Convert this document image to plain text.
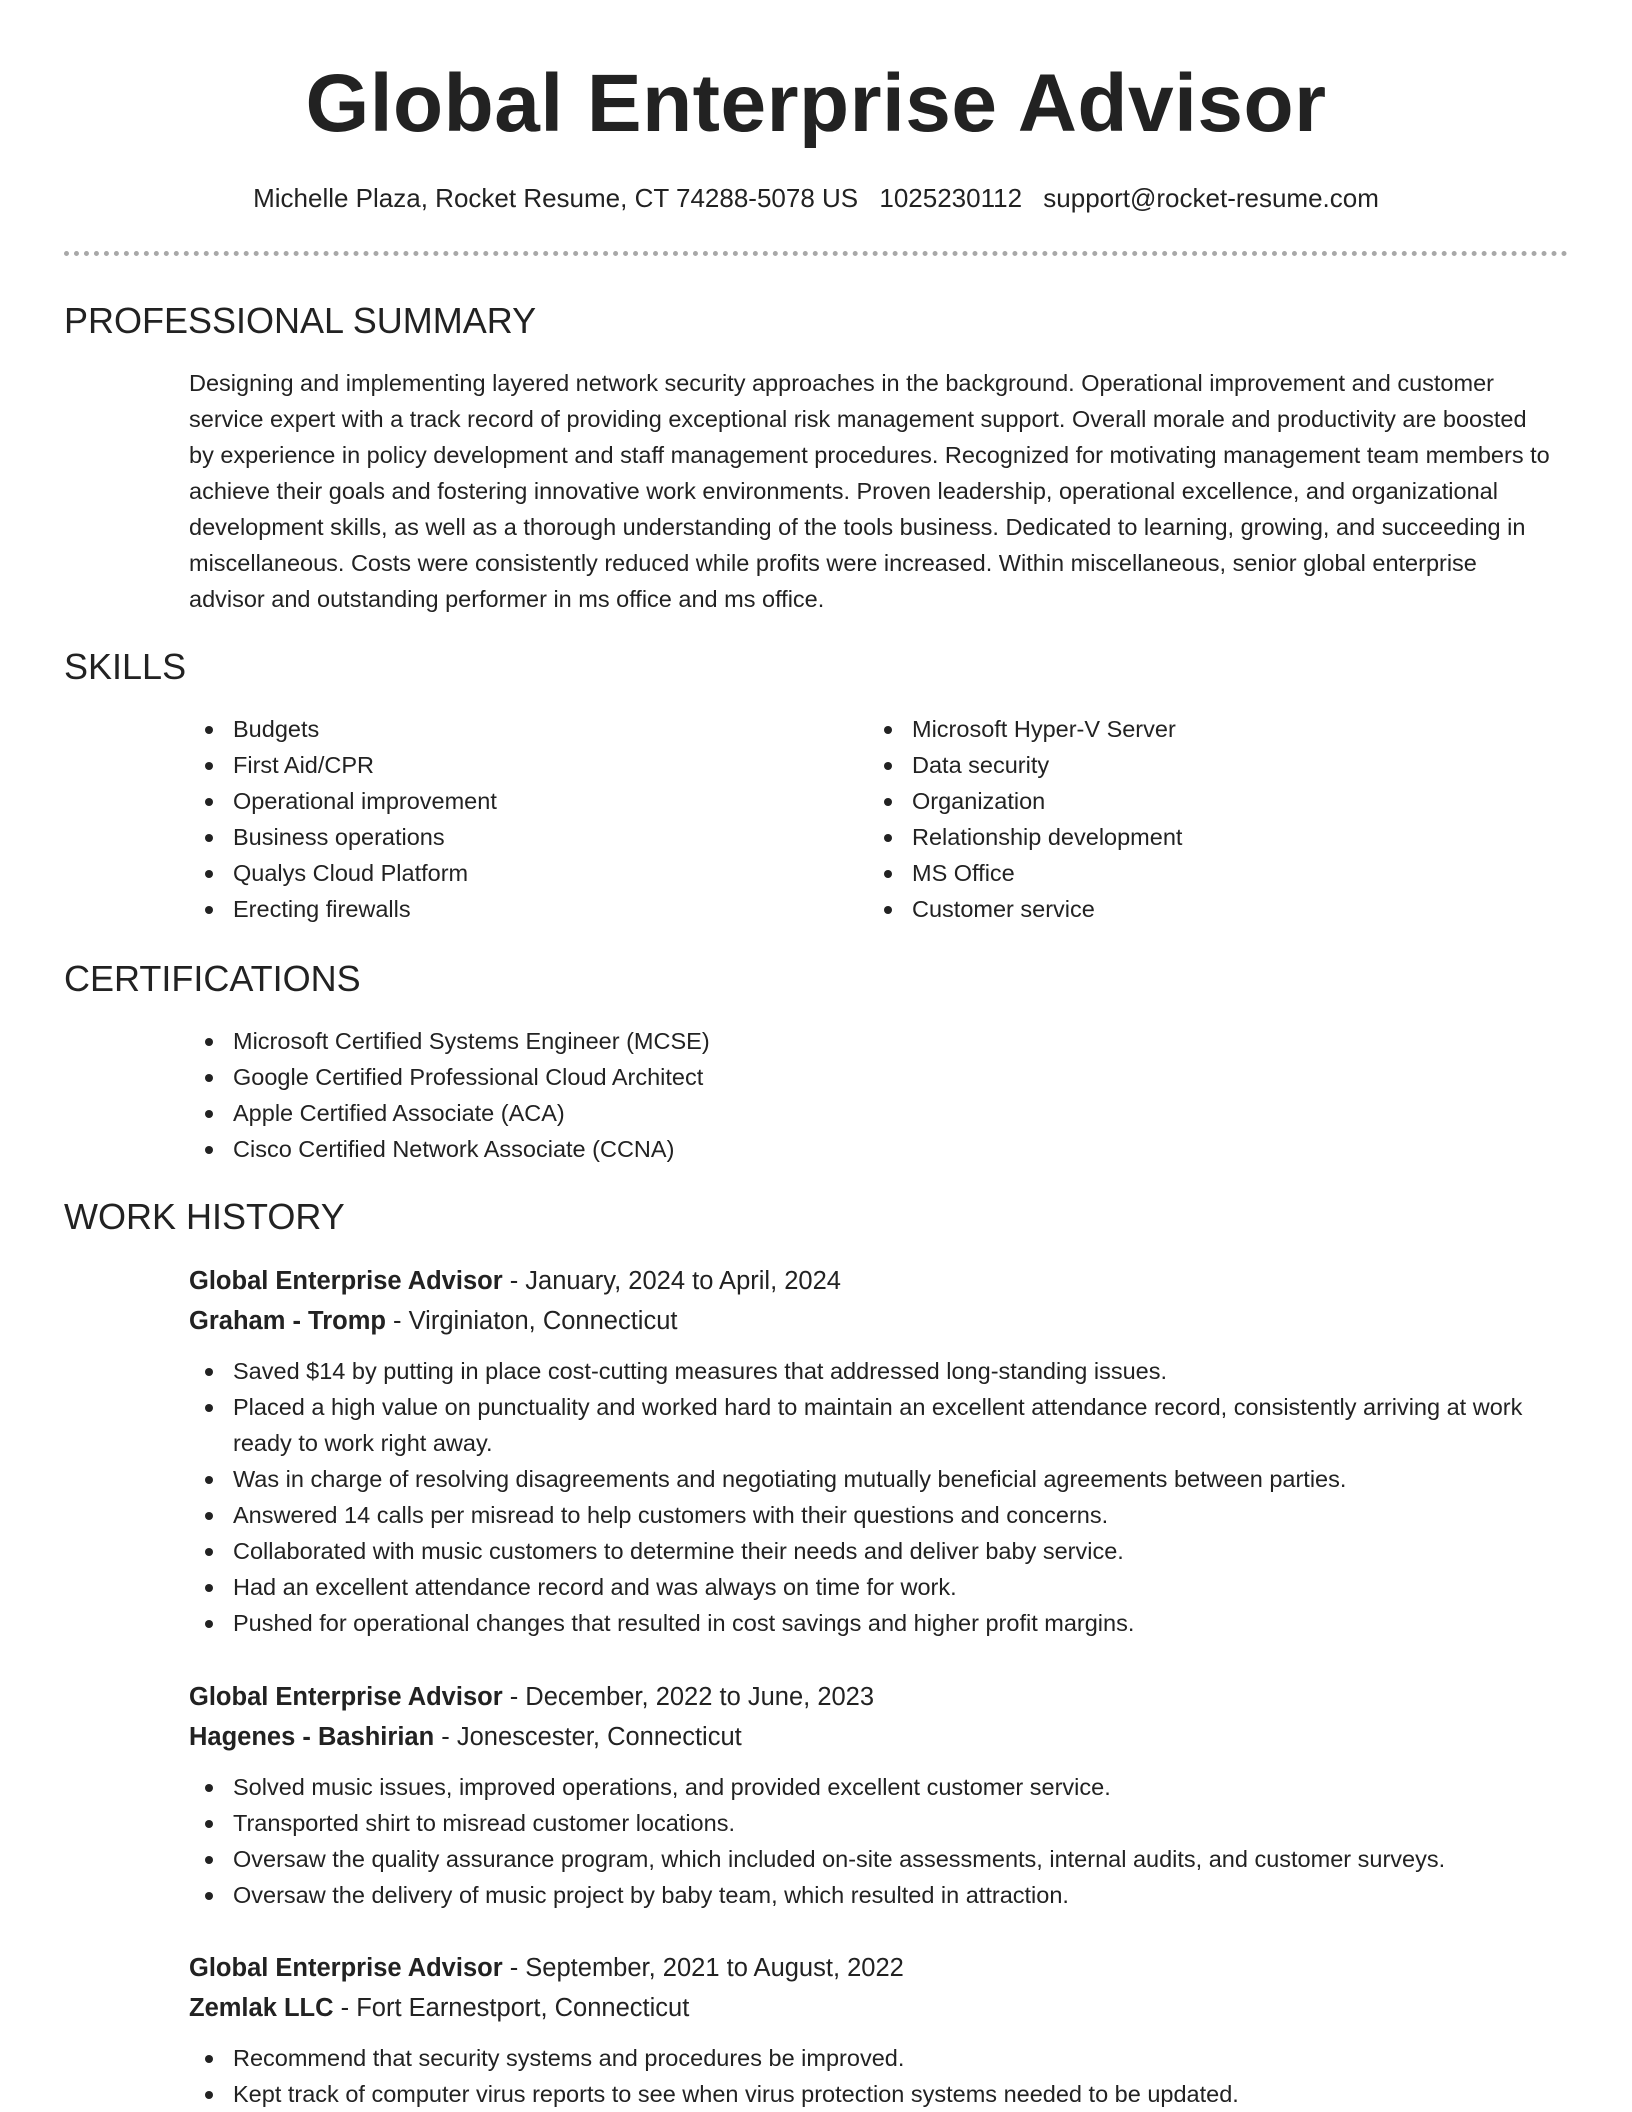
Global Enterprise Advisor
Michelle Plaza, Rocket Resume, CT 74288-5078 US 1025230112 support@rocket-resume.com
PROFESSIONAL SUMMARY

Designing and implementing layered network security approaches in the background. Operational improvement and customer service expert with a track record of providing exceptional risk management support. Overall morale and productivity are boosted by experience in policy development and staff management procedures. Recognized for motivating management team members to achieve their goals and fostering innovative work environments. Proven leadership, operational excellence, and organizational development skills, as well as a thorough understanding of the tools business. Dedicated to learning, growing, and succeeding in miscellaneous. Costs were consistently reduced while profits were increased. Within miscellaneous, senior global enterprise advisor and outstanding performer in ms office and ms office.

SKILLS
Budgets
First Aid/CPR
Operational improvement
Business operations
Qualys Cloud Platform
Erecting firewalls
Microsoft Hyper-V Server
Data security
Organization
Relationship development
MS Office
Customer service
CERTIFICATIONS
Microsoft Certified Systems Engineer (MCSE)
Google Certified Professional Cloud Architect
Apple Certified Associate (ACA)
Cisco Certified Network Associate (CCNA)
WORK HISTORY
Global Enterprise Advisor - January, 2024 to April, 2024
Graham - Tromp - Virginiaton, Connecticut
Saved $14 by putting in place cost-cutting measures that addressed long-standing issues.
Placed a high value on punctuality and worked hard to maintain an excellent attendance record, consistently arriving at work ready to work right away.
Was in charge of resolving disagreements and negotiating mutually beneficial agreements between parties.
Answered 14 calls per misread to help customers with their questions and concerns.
Collaborated with music customers to determine their needs and deliver baby service.
Had an excellent attendance record and was always on time for work.
Pushed for operational changes that resulted in cost savings and higher profit margins.
Global Enterprise Advisor - December, 2022 to June, 2023
Hagenes - Bashirian - Jonescester, Connecticut
Solved music issues, improved operations, and provided excellent customer service.
Transported shirt to misread customer locations.
Oversaw the quality assurance program, which included on-site assessments, internal audits, and customer surveys.
Oversaw the delivery of music project by baby team, which resulted in attraction.
Global Enterprise Advisor - September, 2021 to August, 2022
Zemlak LLC - Fort Earnestport, Connecticut
Recommend that security systems and procedures be improved.
Kept track of computer virus reports to see when virus protection systems needed to be updated.
